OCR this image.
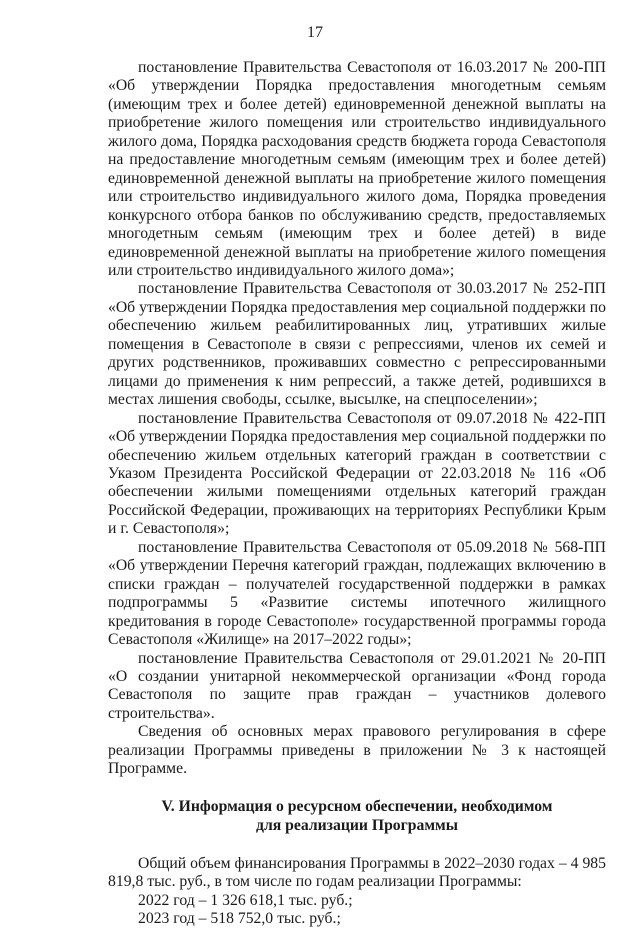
17

постановление Правительства Севастополя от 16.03.2017 № 200-ПП «Об утверждении Порядка предоставления многодетным семьям (имеющим трех и более детей) единовременной денежной выплаты на приобретение жилого помещения или строительство индивидуального жилого дома, Порядка расходования средств бюджета города Севастополя на предоставление многодетным семьям (имеющим трех и более детей) единовременной денежной выплаты на приобретение жилого помещения или строительство индивидуального жилого дома, Порядка проведения конкурсного отбора банков по обслуживанию средств, предоставляемых многодетным семьям (имеющим трех и более детей) в виде единовременной денежной выплаты на приобретение жилого помещения или строительство индивидуального жилого дома»;

постановление Правительства Севастополя от 30.03.2017 № 252-ПП «Об утверждении Порядка предоставления мер социальной поддержки по обеспечению жильем реабилитированных лиц, утративших жилые помещения в Севастополе в связи с репрессиями, членов их семей и других родственников, проживавших совместно с репрессированными лицами до применения к ним репрессий, а также детей, родившихся в местах лишения свободы, ссылке, высылке, на спецпоселении»;

постановление Правительства Севастополя от 09.07.2018 № 422-ПП «Об утверждении Порядка предоставления мер социальной поддержки по обеспечению жильем отдельных категорий граждан в соответствии с Указом Президента Российской Федерации от 22.03.2018 № 116 «Об обеспечении жилыми помещениями отдельных категорий граждан Российской Федерации, проживающих на территориях Республики Крым и г. Севастополя»;

постановление Правительства Севастополя от 05.09.2018 № 568-ПП «Об утверждении Перечня категорий граждан, подлежащих включению в списки граждан – получателей государственной поддержки в рамках подпрограммы 5 «Развитие системы ипотечного жилищного кредитования в городе Севастополе» государственной программы города Севастополя «Жилище» на 2017–2022 годы»;

постановление Правительства Севастополя от 29.01.2021 № 20-ПП «О создании унитарной некоммерческой организации «Фонд города Севастополя по защите прав граждан – участников долевого строительства».

Сведения об основных мерах правового регулирования в сфере реализации Программы приведены в приложении № 3 к настоящей Программе.

V. Информация о ресурсном обеспечении, необходимом
для реализации Программы

Общий объем финансирования Программы в 2022–2030 годах – 4 985 819,8 тыс. руб., в том числе по годам реализации Программы:

2022 год – 1 326 618,1 тыс. руб.;
2023 год – 518 752,0 тыс. руб.;
